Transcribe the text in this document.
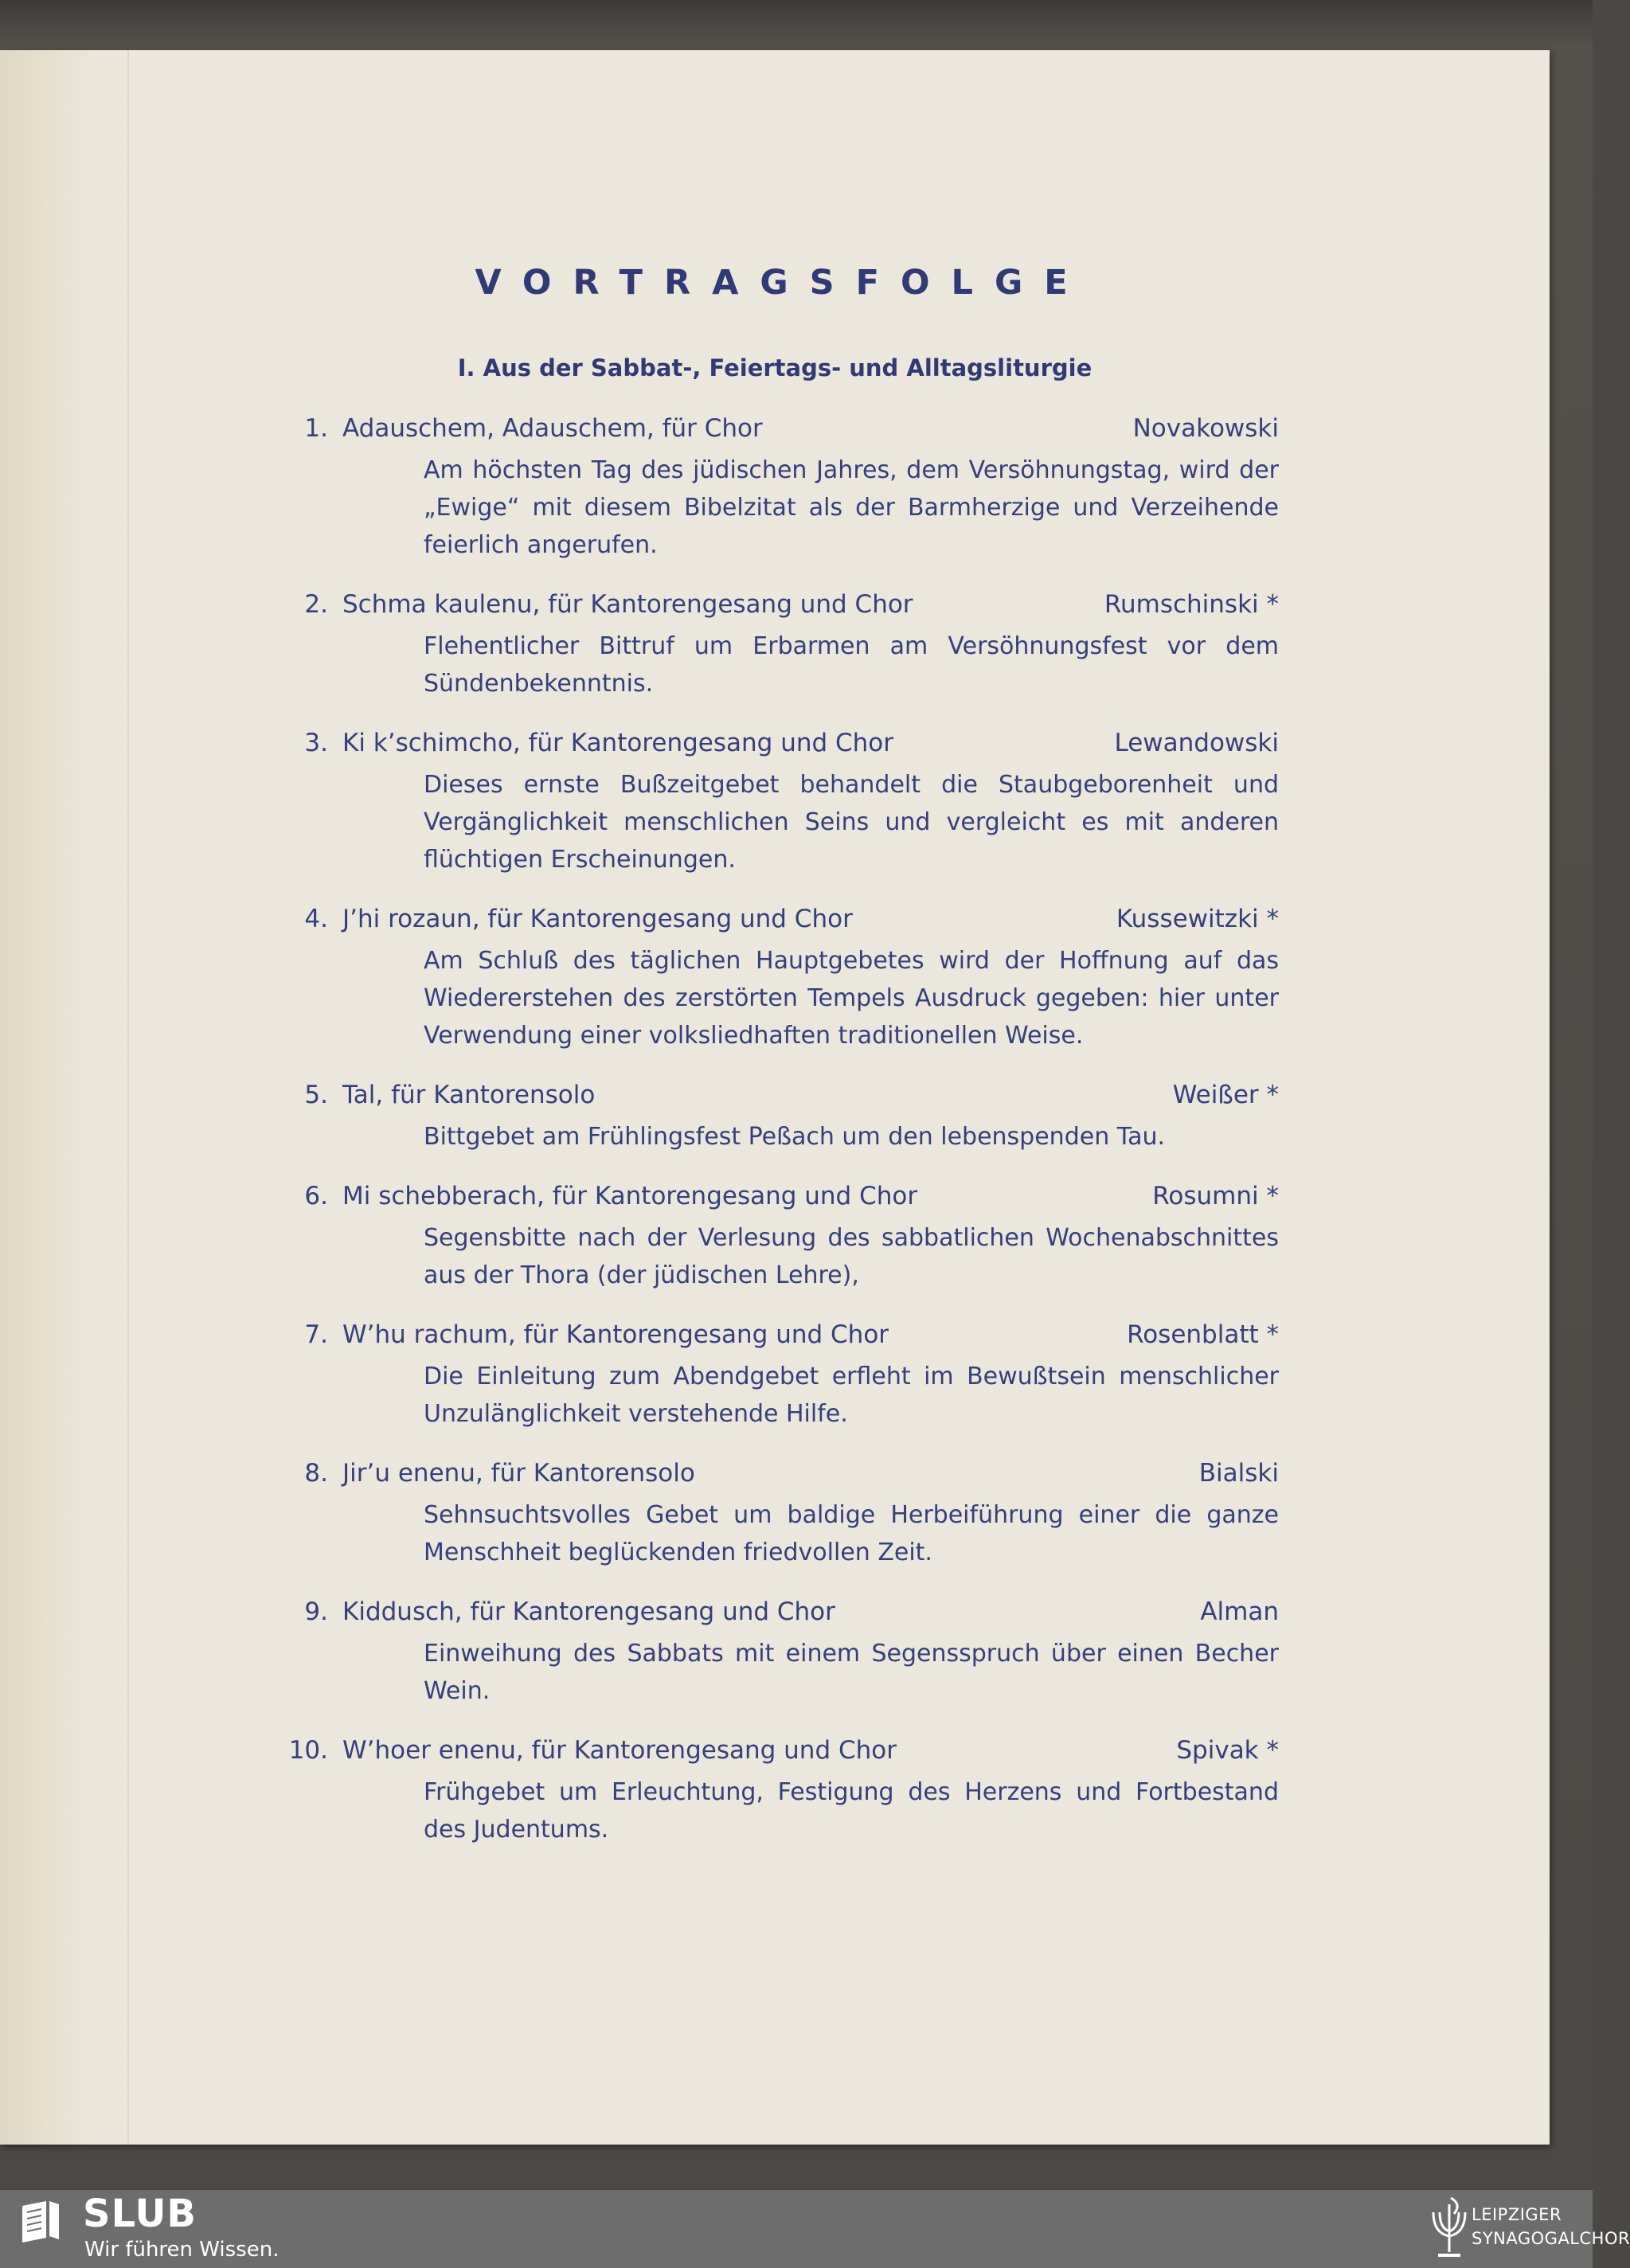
VORTRAGSFOLGE
I. Aus der Sabbat-, Feiertags- und Alltagsliturgie
1. Adauschem, Adauschem, für Chor	Novakowski
Am höchsten Tag des jüdischen Jahres, dem Versöhnungstag, wird der „Ewige“ mit diesem Bibelzitat als der Barmherzige und Verzeihende feierlich angerufen.
2. Schma kaulenu, für Kantorengesang und Chor	Rumschinski *
Flehentlicher Bittruf um Erbarmen am Versöhnungsfest vor dem Sündenbekenntnis.
3. Ki k’schimcho, für Kantorengesang und Chor	Lewandowski
Dieses ernste Bußzeitgebet behandelt die Staubgeborenheit und Vergänglichkeit menschlichen Seins und vergleicht es mit anderen flüchtigen Erscheinungen.
4. J’hi rozaun, für Kantorengesang und Chor	Kussewitzki *
Am Schluß des täglichen Hauptgebetes wird der Hoffnung auf das Wiedererstehen des zerstörten Tempels Ausdruck gegeben: hier unter Verwendung einer volksliedhaften traditionellen Weise.
5. Tal, für Kantorensolo	Weißer *
Bittgebet am Frühlingsfest Peßach um den lebenspenden Tau.
6. Mi schebberach, für Kantorengesang und Chor	Rosumni *
Segensbitte nach der Verlesung des sabbatlichen Wochenabschnittes aus der Thora (der jüdischen Lehre),
7. W’hu rachum, für Kantorengesang und Chor	Rosenblatt *
Die Einleitung zum Abendgebet erfleht im Bewußtsein menschlicher Unzulänglichkeit verstehende Hilfe.
8. Jir’u enenu, für Kantorensolo	Bialski
Sehnsuchtsvolles Gebet um baldige Herbeiführung einer die ganze Menschheit beglückenden friedvollen Zeit.
9. Kiddusch, für Kantorengesang und Chor	Alman
Einweihung des Sabbats mit einem Segensspruch über einen Becher Wein.
10. W’hoer enenu, für Kantorengesang und Chor	Spivak *
Frühgebet um Erleuchtung, Festigung des Herzens und Fortbestand des Judentums.
SLUB
Wir führen Wissen.
LEIPZIGER
SYNAGOGALCHOR
